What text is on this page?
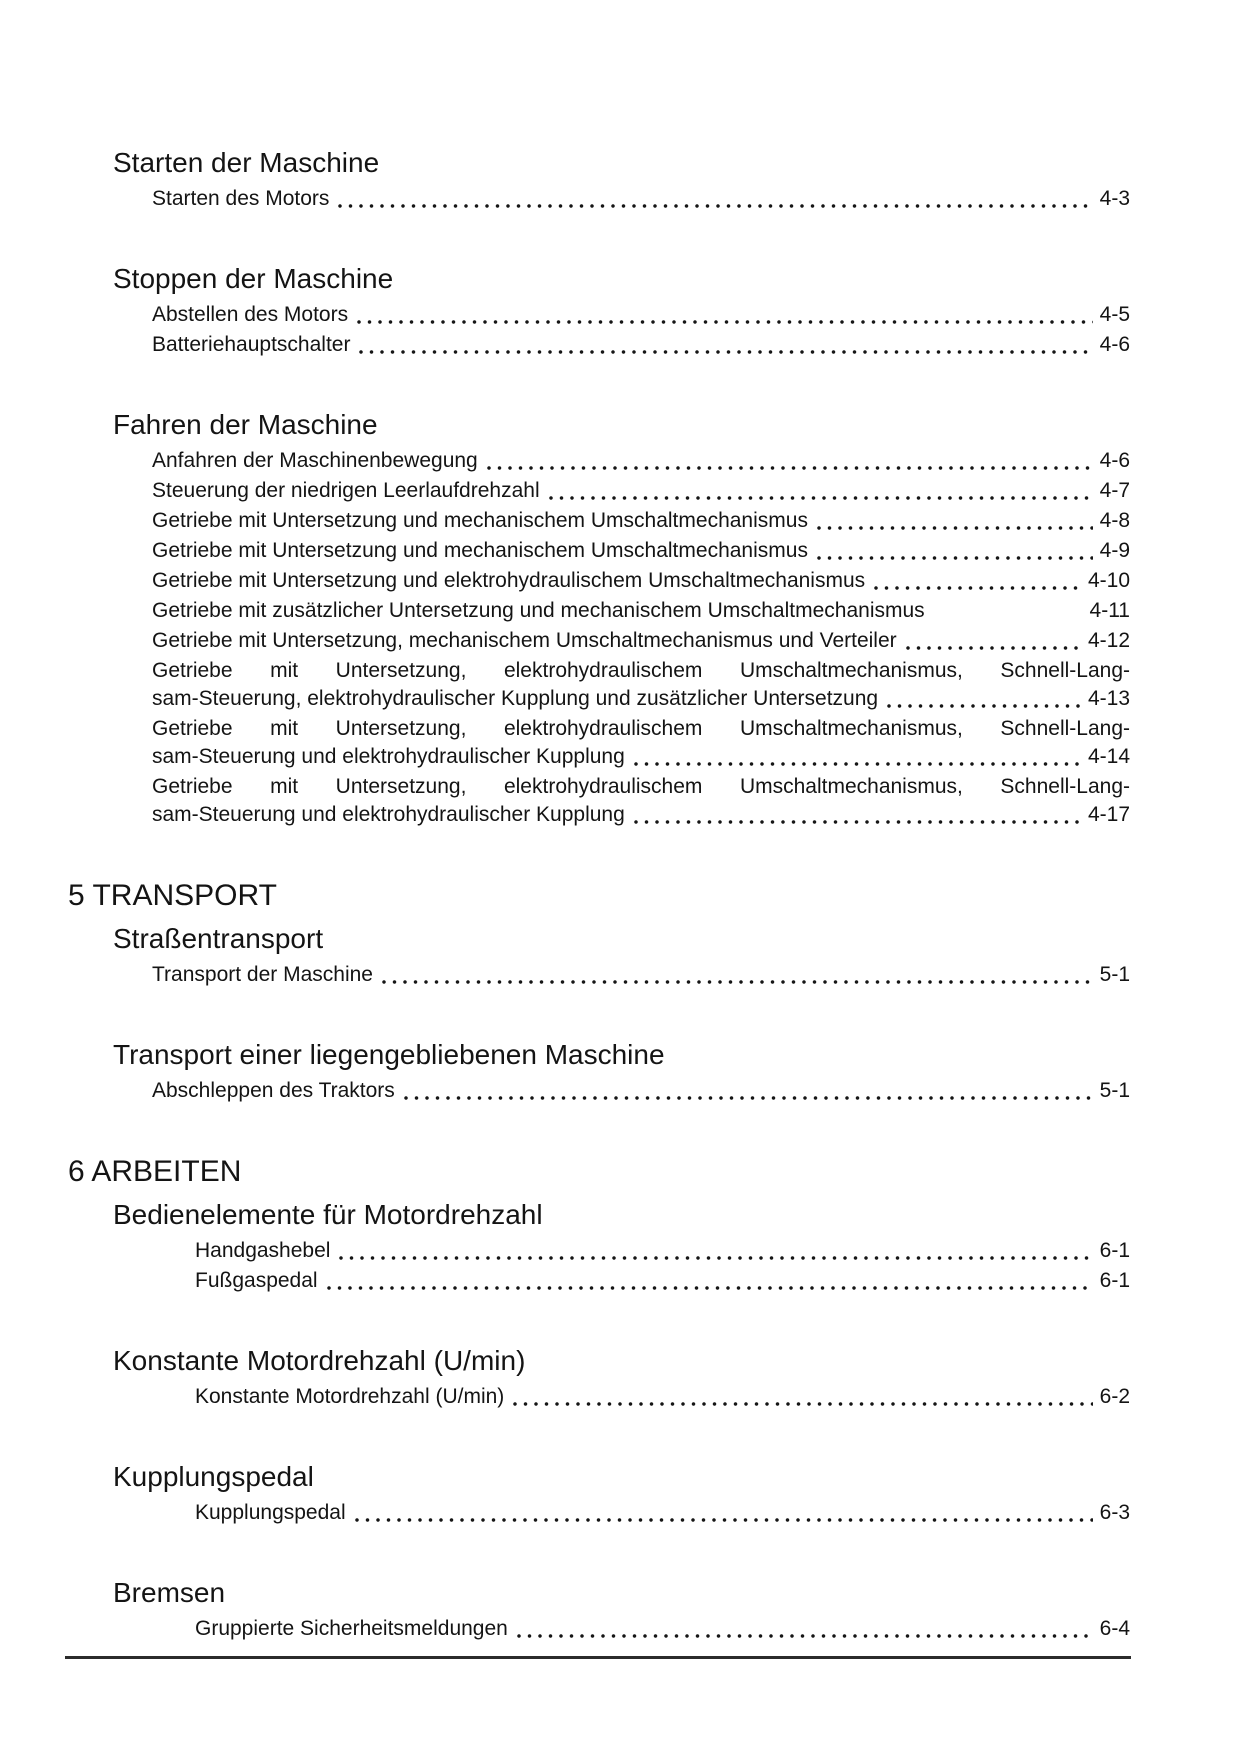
Starten der Maschine
Starten des Motors	4-3
Stoppen der Maschine
Abstellen des Motors	4-5
Batteriehauptschalter	4-6
Fahren der Maschine
Anfahren der Maschinenbewegung	4-6
Steuerung der niedrigen Leerlaufdrehzahl	4-7
Getriebe mit Untersetzung und mechanischem Umschaltmechanismus	4-8
Getriebe mit Untersetzung und mechanischem Umschaltmechanismus	4-9
Getriebe mit Untersetzung und elektrohydraulischem Umschaltmechanismus	4-10
Getriebe mit zusätzlicher Untersetzung und mechanischem Umschaltmechanismus	4-11
Getriebe mit Untersetzung, mechanischem Umschaltmechanismus und Verteiler	4-12
Getriebe mit Untersetzung, elektrohydraulischem Umschaltmechanismus, Schnell-Lang-
sam-Steuerung, elektrohydraulischer Kupplung und zusätzlicher Untersetzung	4-13
Getriebe mit Untersetzung, elektrohydraulischem Umschaltmechanismus, Schnell-Lang-
sam-Steuerung und elektrohydraulischer Kupplung	4-14
Getriebe mit Untersetzung, elektrohydraulischem Umschaltmechanismus, Schnell-Lang-
sam-Steuerung und elektrohydraulischer Kupplung	4-17
5 TRANSPORT
Straßentransport
Transport der Maschine	5-1
Transport einer liegengebliebenen Maschine
Abschleppen des Traktors	5-1
6 ARBEITEN
Bedienelemente für Motordrehzahl
Handgashebel	6-1
Fußgaspedal	6-1
Konstante Motordrehzahl (U/min)
Konstante Motordrehzahl (U/min)	6-2
Kupplungspedal
Kupplungspedal	6-3
Bremsen
Gruppierte Sicherheitsmeldungen	6-4
